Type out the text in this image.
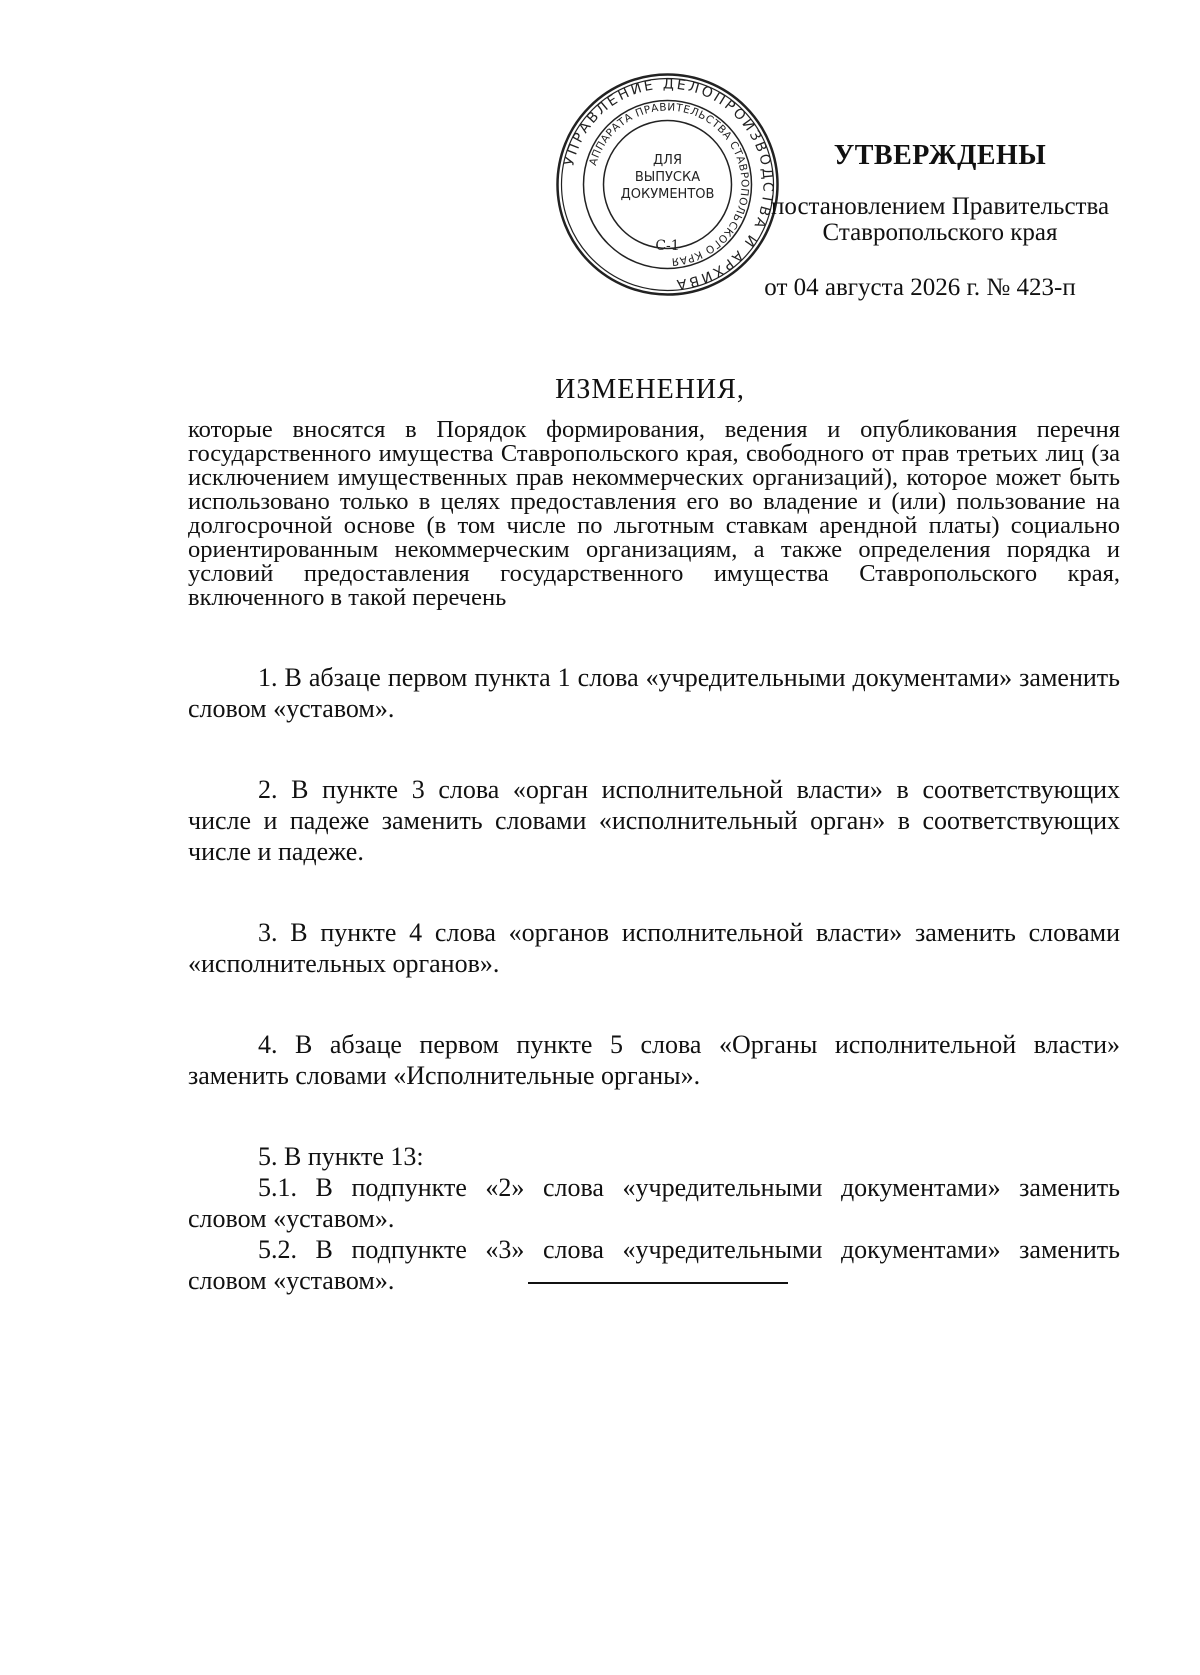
УПРАВЛЕНИЕ ДЕЛОПРОИЗВОДСТВА И АРХИВА
АППАРАТА ПРАВИТЕЛЬСТВА СТАВРОПОЛЬСКОГО КРАЯ
ДЛЯ
ВЫПУСКА
ДОКУМЕНТОВ
С-1
УТВЕРЖДЕНЫ
постановлением Правительства
Ставропольского края
от 04 августа 2026 г. № 423-п
ИЗМЕНЕНИЯ,
которые вносятся в Порядок формирования, ведения и опубликования перечня государственного имущества Ставропольского края, свободного от прав третьих лиц (за исключением имущественных прав некоммерческих организаций), которое может быть использовано только в целях предоставления его во владение и (или) пользование на долгосрочной основе (в том числе по льготным ставкам арендной платы) социально ориентированным некоммерческим организациям, а также определения порядка и условий предоставления государственного имущества Ставропольского края, включенного в такой перечень

1. В абзаце первом пункта 1 слова «учредительными документами» заменить словом «уставом».

2. В пункте 3 слова «орган исполнительной власти» в соответствующих числе и падеже заменить словами «исполнительный орган» в соответствующих числе и падеже.

3. В пункте 4 слова «органов исполнительной власти» заменить словами «исполнительных органов».

4. В абзаце первом пункте 5 слова «Органы исполнительной власти» заменить словами «Исполнительные органы».

5. В пункте 13:

5.1. В подпункте «2» слова «учредительными документами» заменить словом «уставом».

5.2. В подпункте «3» слова «учредительными документами» заменить словом «уставом».
